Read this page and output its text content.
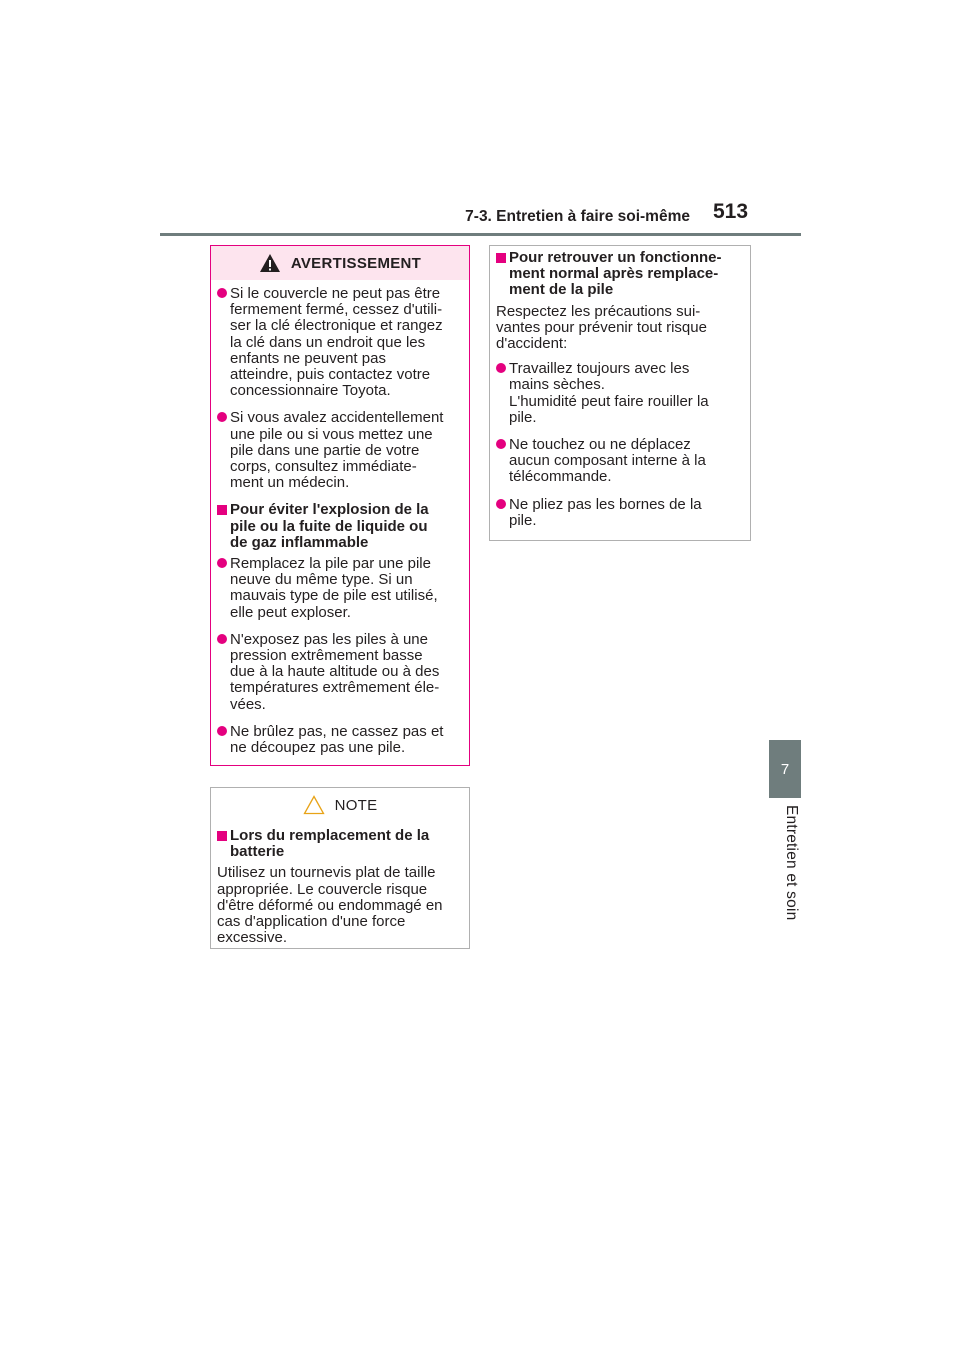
7-3. Entretien à faire soi-même 513
7
Entretien et soin
AVERTISSEMENT
Si le couvercle ne peut pas être
fermement fermé, cessez d'utili-
ser la clé électronique et rangez
la clé dans un endroit que les
enfants ne peuvent pas
atteindre, puis contactez votre
concessionnaire Toyota.
Si vous avalez accidentellement
une pile ou si vous mettez une
pile dans une partie de votre
corps, consultez immédiate-
ment un médecin.
Pour éviter l'explosion de la
pile ou la fuite de liquide ou
de gaz inflammable
Remplacez la pile par une pile
neuve du même type. Si un
mauvais type de pile est utilisé,
elle peut exploser.
N'exposez pas les piles à une
pression extrêmement basse
due à la haute altitude ou à des
températures extrêmement éle-
vées.
Ne brûlez pas, ne cassez pas et
ne découpez pas une pile.
NOTE
Lors du remplacement de la
batterie
Utilisez un tournevis plat de taille
appropriée. Le couvercle risque
d'être déformé ou endommagé en
cas d'application d'une force
excessive.
Pour retrouver un fonctionne-
ment normal après remplace-
ment de la pile
Respectez les précautions sui-
vantes pour prévenir tout risque
d'accident:
Travaillez toujours avec les
mains sèches.
L'humidité peut faire rouiller la
pile.
Ne touchez ou ne déplacez
aucun composant interne à la
télécommande.
Ne pliez pas les bornes de la
pile.
